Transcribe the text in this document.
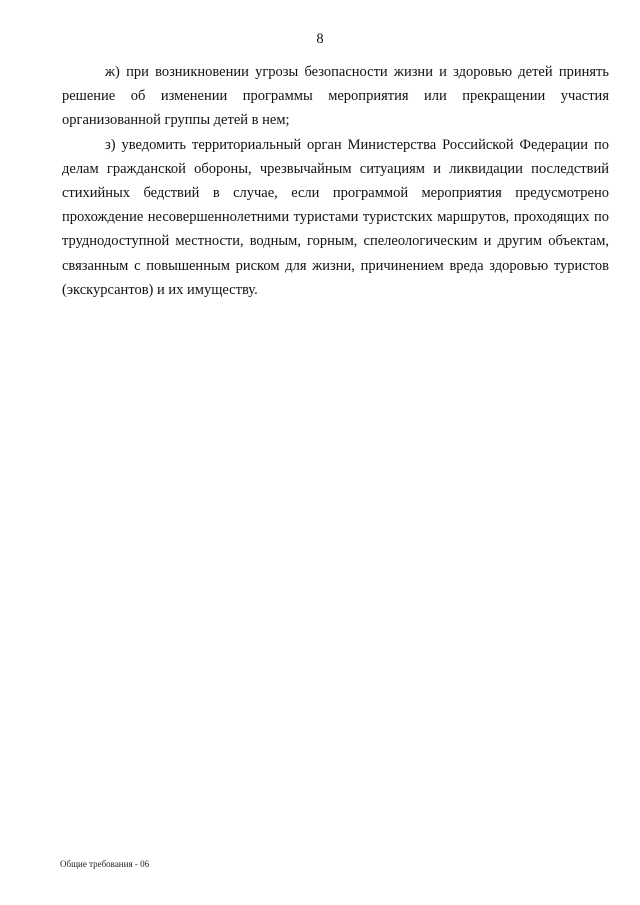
8

ж) при возникновении угрозы безопасности жизни и здоровью детей принять решение об изменении программы мероприятия или прекращении участия организованной группы детей в нем;

з) уведомить территориальный орган Министерства Российской Федерации по делам гражданской обороны, чрезвычайным ситуациям и ликвидации последствий стихийных бедствий в случае, если программой мероприятия предусмотрено прохождение несовершеннолетними туристами туристских маршрутов, проходящих по труднодоступной местности, водным, горным, спелеологическим и другим объектам, связанным с повышенным риском для жизни, причинением вреда здоровью туристов (экскурсантов) и их имуществу.

Общие требования - 06
